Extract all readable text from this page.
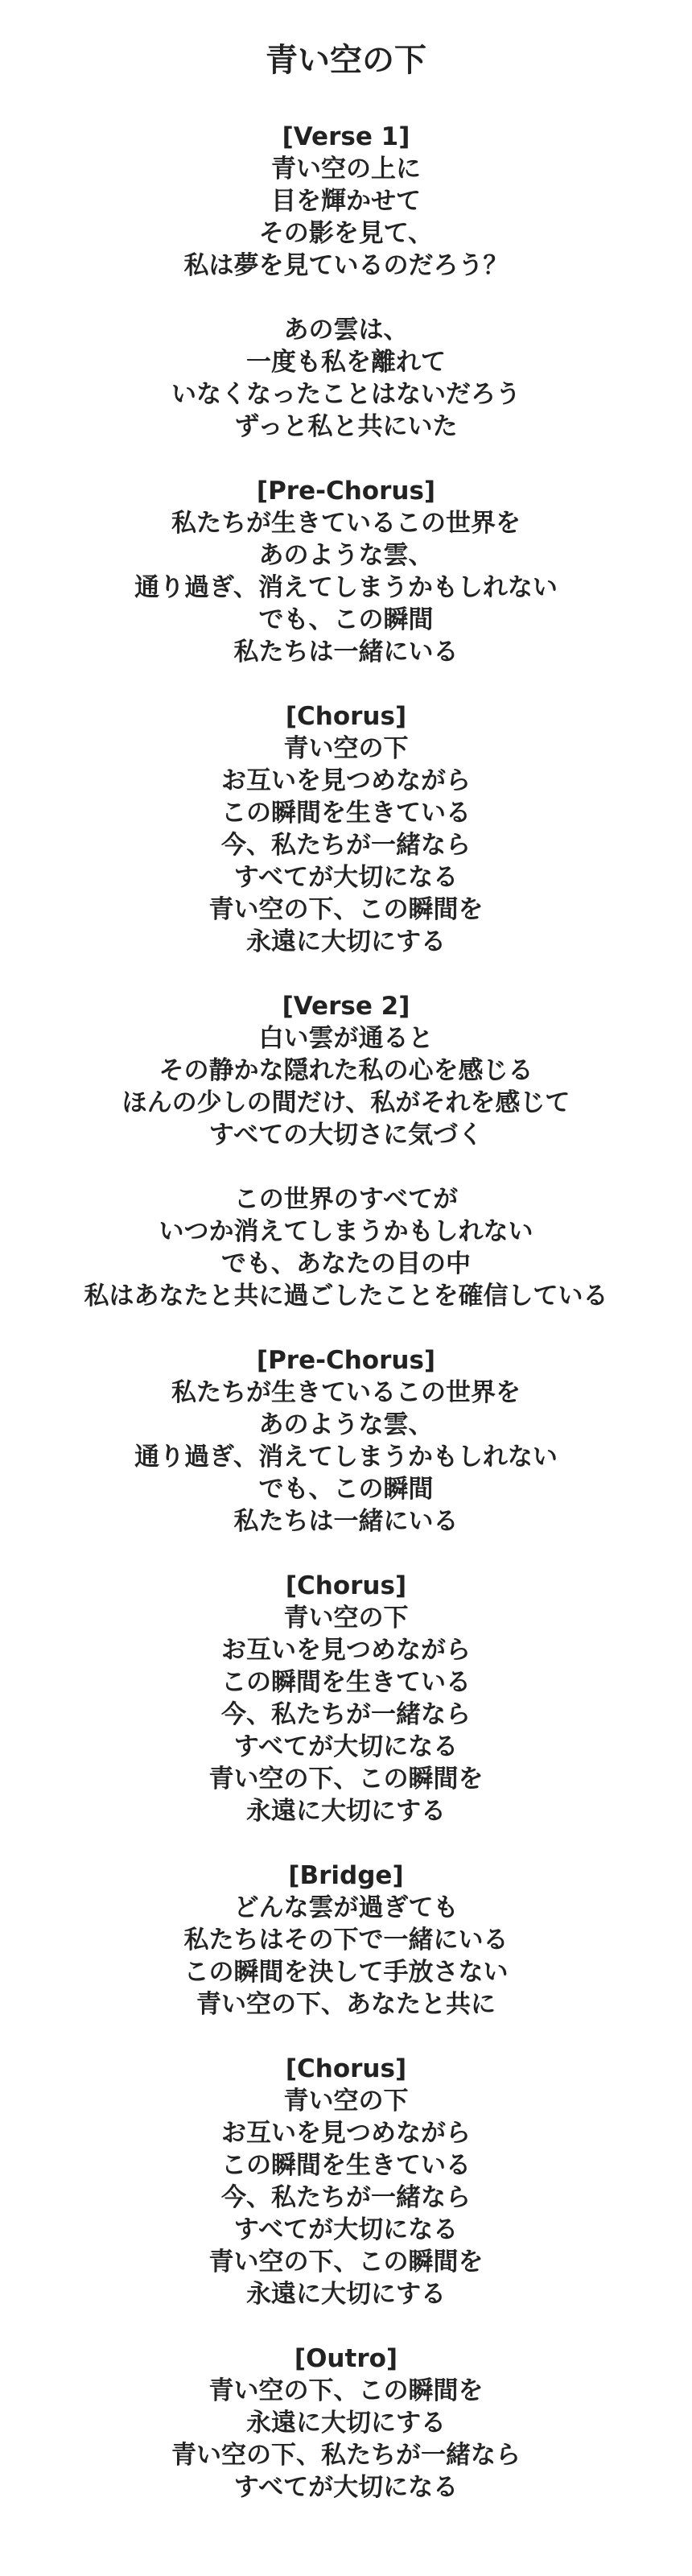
青い空の下
[Verse 1]
青い空の上に
目を輝かせて
その影を見て、
私は夢を見ているのだろう？
あの雲は、
一度も私を離れて
いなくなったことはないだろう
ずっと私と共にいた
[Pre-Chorus]
私たちが生きているこの世界を
あのような雲、
通り過ぎ、消えてしまうかもしれない
でも、この瞬間
私たちは一緒にいる
[Chorus]
青い空の下
お互いを見つめながら
この瞬間を生きている
今、私たちが一緒なら
すべてが大切になる
青い空の下、この瞬間を
永遠に大切にする
[Verse 2]
白い雲が通ると
その静かな隠れた私の心を感じる
ほんの少しの間だけ、私がそれを感じて
すべての大切さに気づく
この世界のすべてが
いつか消えてしまうかもしれない
でも、あなたの目の中
私はあなたと共に過ごしたことを確信している
[Pre-Chorus]
私たちが生きているこの世界を
あのような雲、
通り過ぎ、消えてしまうかもしれない
でも、この瞬間
私たちは一緒にいる
[Chorus]
青い空の下
お互いを見つめながら
この瞬間を生きている
今、私たちが一緒なら
すべてが大切になる
青い空の下、この瞬間を
永遠に大切にする
[Bridge]
どんな雲が過ぎても
私たちはその下で一緒にいる
この瞬間を決して手放さない
青い空の下、あなたと共に
[Chorus]
青い空の下
お互いを見つめながら
この瞬間を生きている
今、私たちが一緒なら
すべてが大切になる
青い空の下、この瞬間を
永遠に大切にする
[Outro]
青い空の下、この瞬間を
永遠に大切にする
青い空の下、私たちが一緒なら
すべてが大切になる
